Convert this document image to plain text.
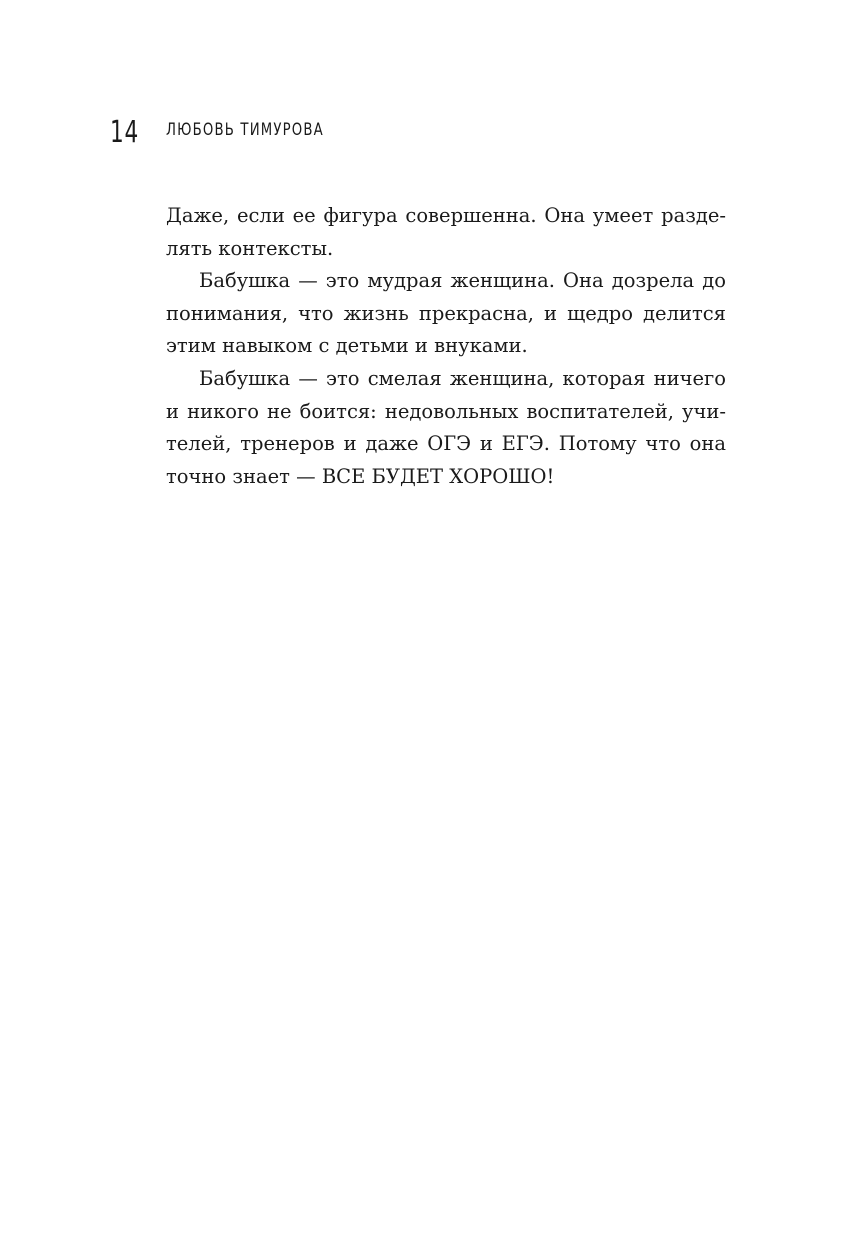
14 ЛЮБОВЬ ТИМУРОВА
Даже, если ее фигура совершенна. Она умеет разде-
лять контексты.
Бабушка — это мудрая женщина. Она дозрела до
понимания, что жизнь прекрасна, и щедро делится
этим навыком с детьми и внуками.
Бабушка — это смелая женщина, которая ничего
и никого не боится: недовольных воспитателей, учи-
телей, тренеров и даже ОГЭ и ЕГЭ. Потому что она
точно знает — ВСЕ БУДЕТ ХОРОШО!
